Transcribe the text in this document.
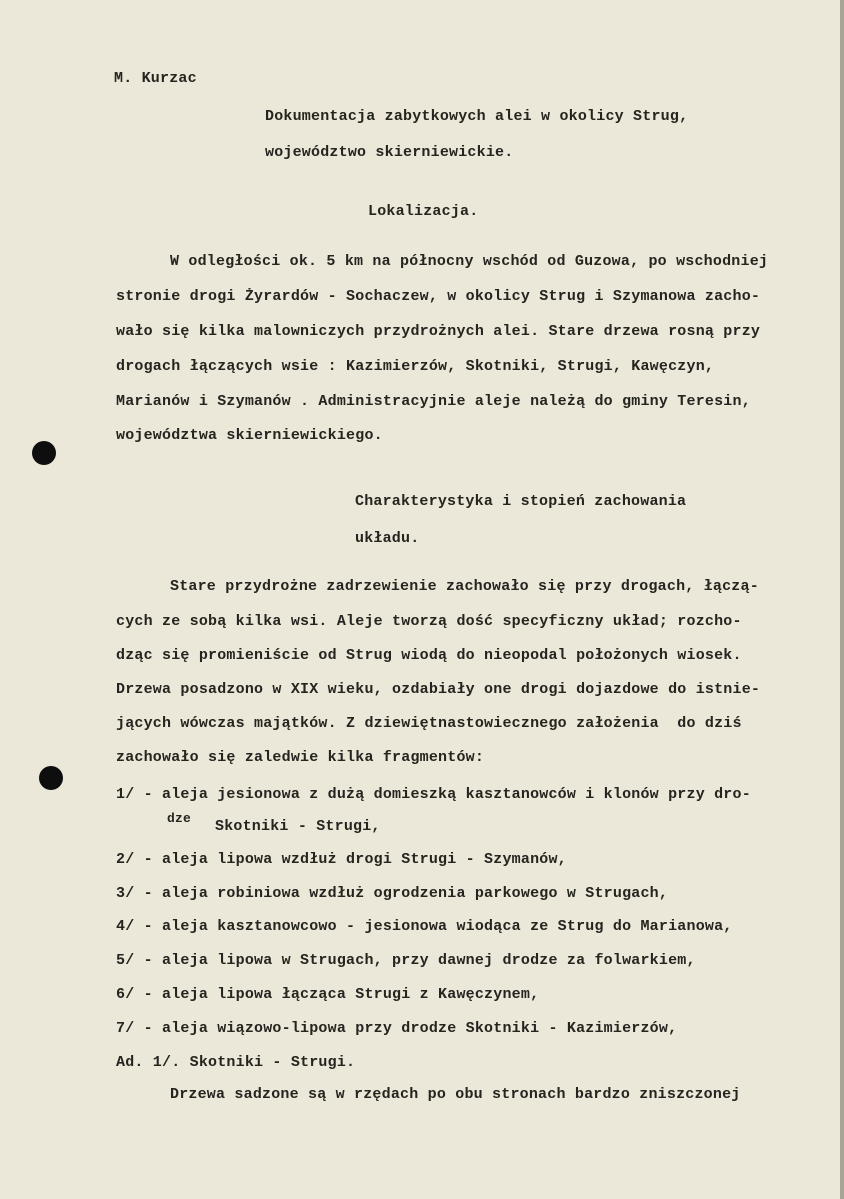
M. Kurzac
Dokumentacja zabytkowych alei w okolicy Strug,
województwo skierniewickie.
Lokalizacja.
W odległości ok. 5 km na północny wschód od Guzowa, po wschodniej
stronie drogi Żyrardów - Sochaczew, w okolicy Strug i Szymanowa zacho-
wało się kilka malowniczych przydrożnych alei. Stare drzewa rosną przy
drogach łączących wsie : Kazimierzów, Skotniki, Strugi, Kawęczyn,
Marianów i Szymanów . Administracyjnie aleje należą do gminy Teresin,
województwa skierniewickiego.
Charakterystyka i stopień zachowania
układu.
Stare przydrożne zadrzewienie zachowało się przy drogach, łączą-
cych ze sobą kilka wsi. Aleje tworzą dość specyficzny układ; rozcho-
dząc się promieniście od Strug wiodą do nieopodal położonych wiosek.
Drzewa posadzono w XIX wieku, ozdabiały one drogi dojazdowe do istnie-
jących wówczas majątków. Z dziewiętnastowiecznego założenia  do dziś
zachowało się zaledwie kilka fragmentów:
1/ - aleja jesionowa z dużą domieszką kasztanowców i klonów przy dro-
dze Skotniki - Strugi,
2/ - aleja lipowa wzdłuż drogi Strugi - Szymanów,
3/ - aleja robiniowa wzdłuż ogrodzenia parkowego w Strugach,
4/ - aleja kasztanowcowo - jesionowa wiodąca ze Strug do Marianowa,
5/ - aleja lipowa w Strugach, przy dawnej drodze za folwarkiem,
6/ - aleja lipowa łącząca Strugi z Kawęczynem,
7/ - aleja wiązowo-lipowa przy drodze Skotniki - Kazimierzów,
Ad. 1/. Skotniki - Strugi.
Drzewa sadzone są w rzędach po obu stronach bardzo zniszczonej
